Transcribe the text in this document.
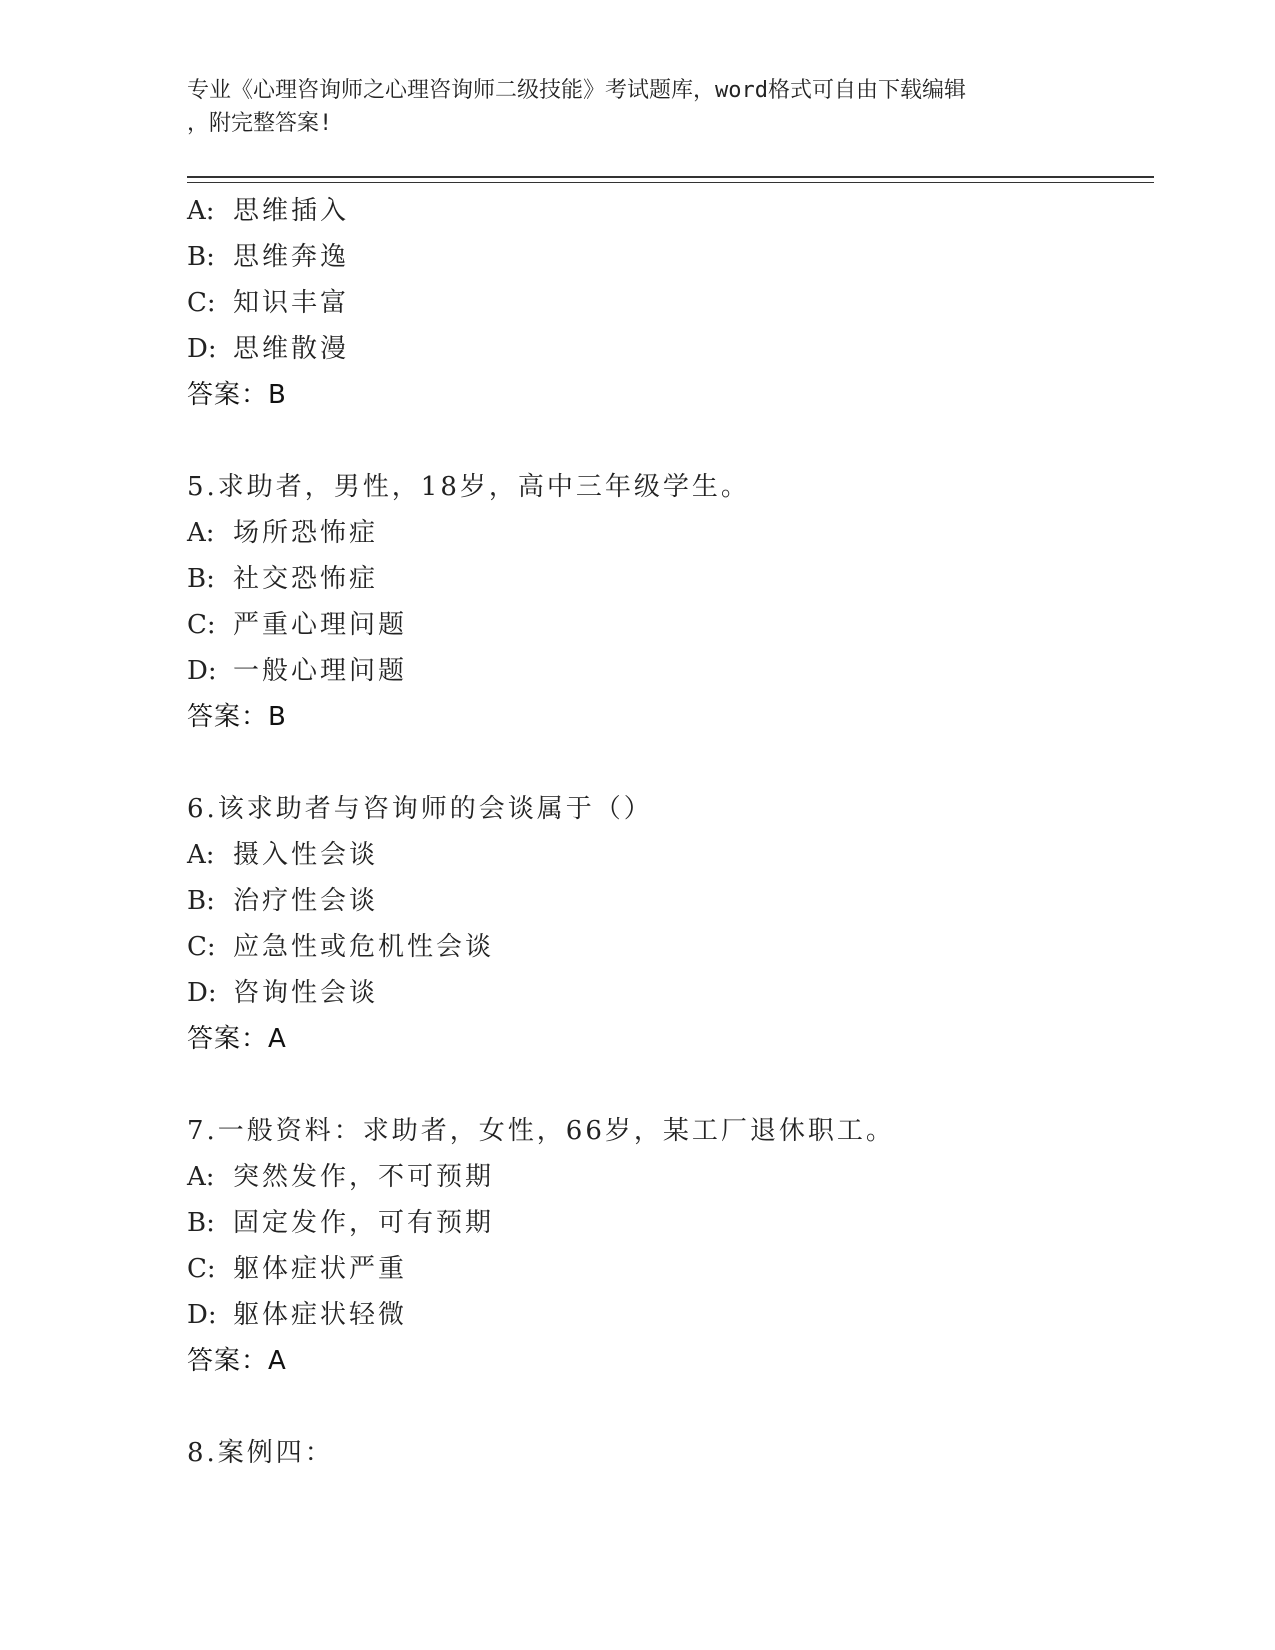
专业《心理咨询师之心理咨询师二级技能》考试题库，word格式可自由下载编辑
，附完整答案!
A: 思维插入
B: 思维奔逸
C: 知识丰富
D: 思维散漫
答案：B
5.求助者，男性，18岁，高中三年级学生。
A: 场所恐怖症
B: 社交恐怖症
C: 严重心理问题
D: 一般心理问题
答案：B
6.该求助者与咨询师的会谈属于（）
A: 摄入性会谈
B: 治疗性会谈
C: 应急性或危机性会谈
D: 咨询性会谈
答案：A
7.一般资料：求助者，女性，66岁，某工厂退休职工。
A: 突然发作，不可预期
B: 固定发作，可有预期
C: 躯体症状严重
D: 躯体症状轻微
答案：A
8.案例四：
